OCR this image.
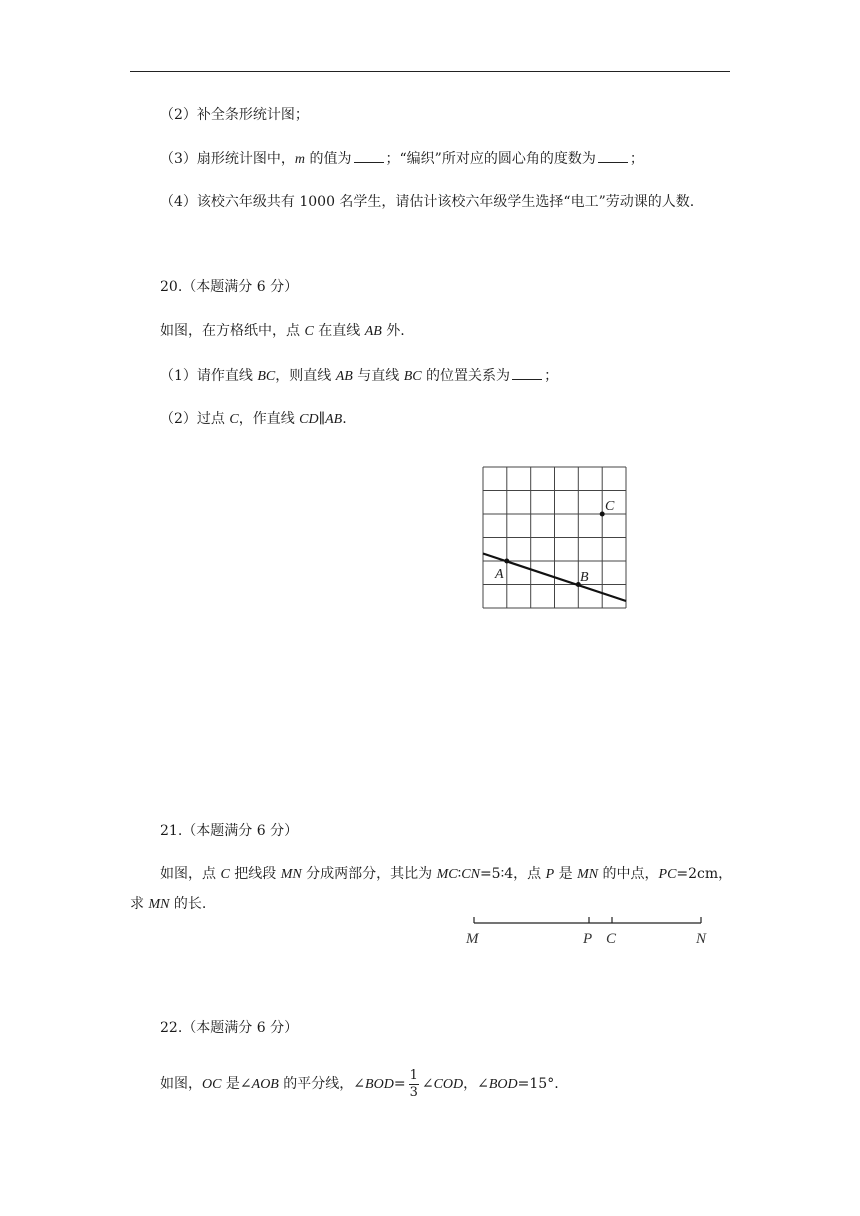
（2）补全条形统计图；
（3）扇形统计图中，m 的值为 ；“编织”所对应的圆心角的度数为 ；
（4）该校六年级共有 1000 名学生，请估计该校六年级学生选择“电工”劳动课的人数.
20.（本题满分 6 分）
如图，在方格纸中，点 C 在直线 AB 外.
（1）请作直线 BC，则直线 AB 与直线 BC 的位置关系为 ；
（2）过点 C，作直线 CD∥AB.
A	B
C
21.（本题满分 6 分）
如图，点 C 把线段 MN 分成两部分，其比为 MC∶CN=5∶4，点 P 是 MN 的中点，PC=2cm，
求 MN 的长.
M	P C	N
22.（本题满分 6 分）
如图，OC 是∠AOB 的平分线，∠BOD= $\frac{1}{3}$ ∠COD，∠BOD=15°.
